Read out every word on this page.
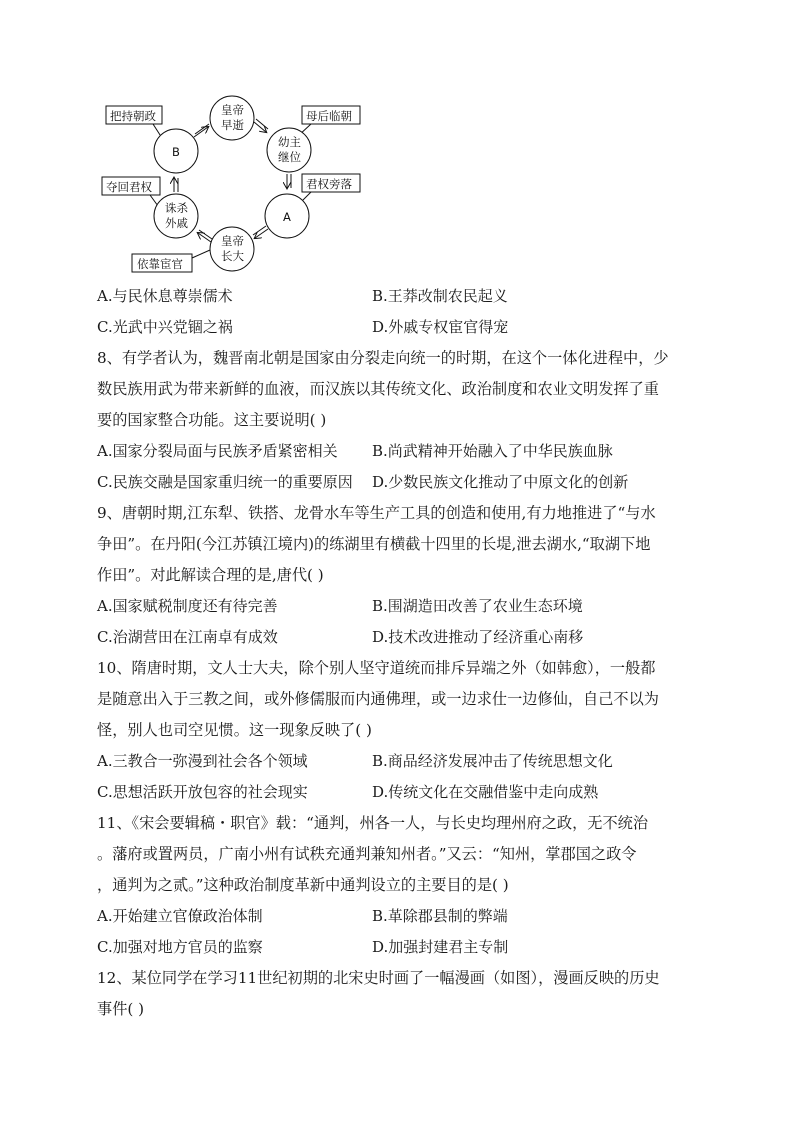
把持朝政	母后临朝
君权旁落
夺回君权
依靠宦官
皇帝
早逝
幼主
继位
A
皇帝
长大
诛杀
外戚
B
A.与民休息尊崇儒术	B.王莽改制农民起义
C.光武中兴党锢之祸	D.外戚专权宦官得宠
8、有学者认为，魏晋南北朝是国家由分裂走向统一的时期，在这个一体化进程中，少
数民族用武为带来新鲜的血液，而汉族以其传统文化、政治制度和农业文明发挥了重
要的国家整合功能。这主要说明( )
A.国家分裂局面与民族矛盾紧密相关 B.尚武精神开始融入了中华民族血脉
C.民族交融是国家重归统一的重要原因 D.少数民族文化推动了中原文化的创新
9、唐朝时期,江东犁、铁搭、龙骨水车等生产工具的创造和使用,有力地推进了“与水
争田”。在丹阳(今江苏镇江境内)的练湖里有横截十四里的长堤,泄去湖水,“取湖下地
作田”。对此解读合理的是,唐代( )
A.国家赋税制度还有待完善	B.围湖造田改善了农业生态环境
C.治湖营田在江南卓有成效	D.技术改进推动了经济重心南移
10、隋唐时期，文人士大夫，除个别人坚守道统而排斥异端之外（如韩愈），一般都
是随意出入于三教之间，或外修儒服而内通佛理，或一边求仕一边修仙，自己不以为
怪，别人也司空见惯。这一现象反映了( )
A.三教合一弥漫到社会各个领域	B.商品经济发展冲击了传统思想文化
C.思想活跃开放包容的社会现实	D.传统文化在交融借鉴中走向成熟
11、《宋会要辑稿・职官》载：“通判，州各一人，与长史均理州府之政，无不统治
。藩府或置两员，广南小州有试秩充通判兼知州者。”又云：“知州，掌郡国之政令
，通判为之贰。”这种政治制度革新中通判设立的主要目的是( )
A.开始建立官僚政治体制	B.革除郡县制的弊端
C.加强对地方官员的监察	D.加强封建君主专制
12、某位同学在学习11世纪初期的北宋史时画了一幅漫画（如图），漫画反映的历史
事件( )
